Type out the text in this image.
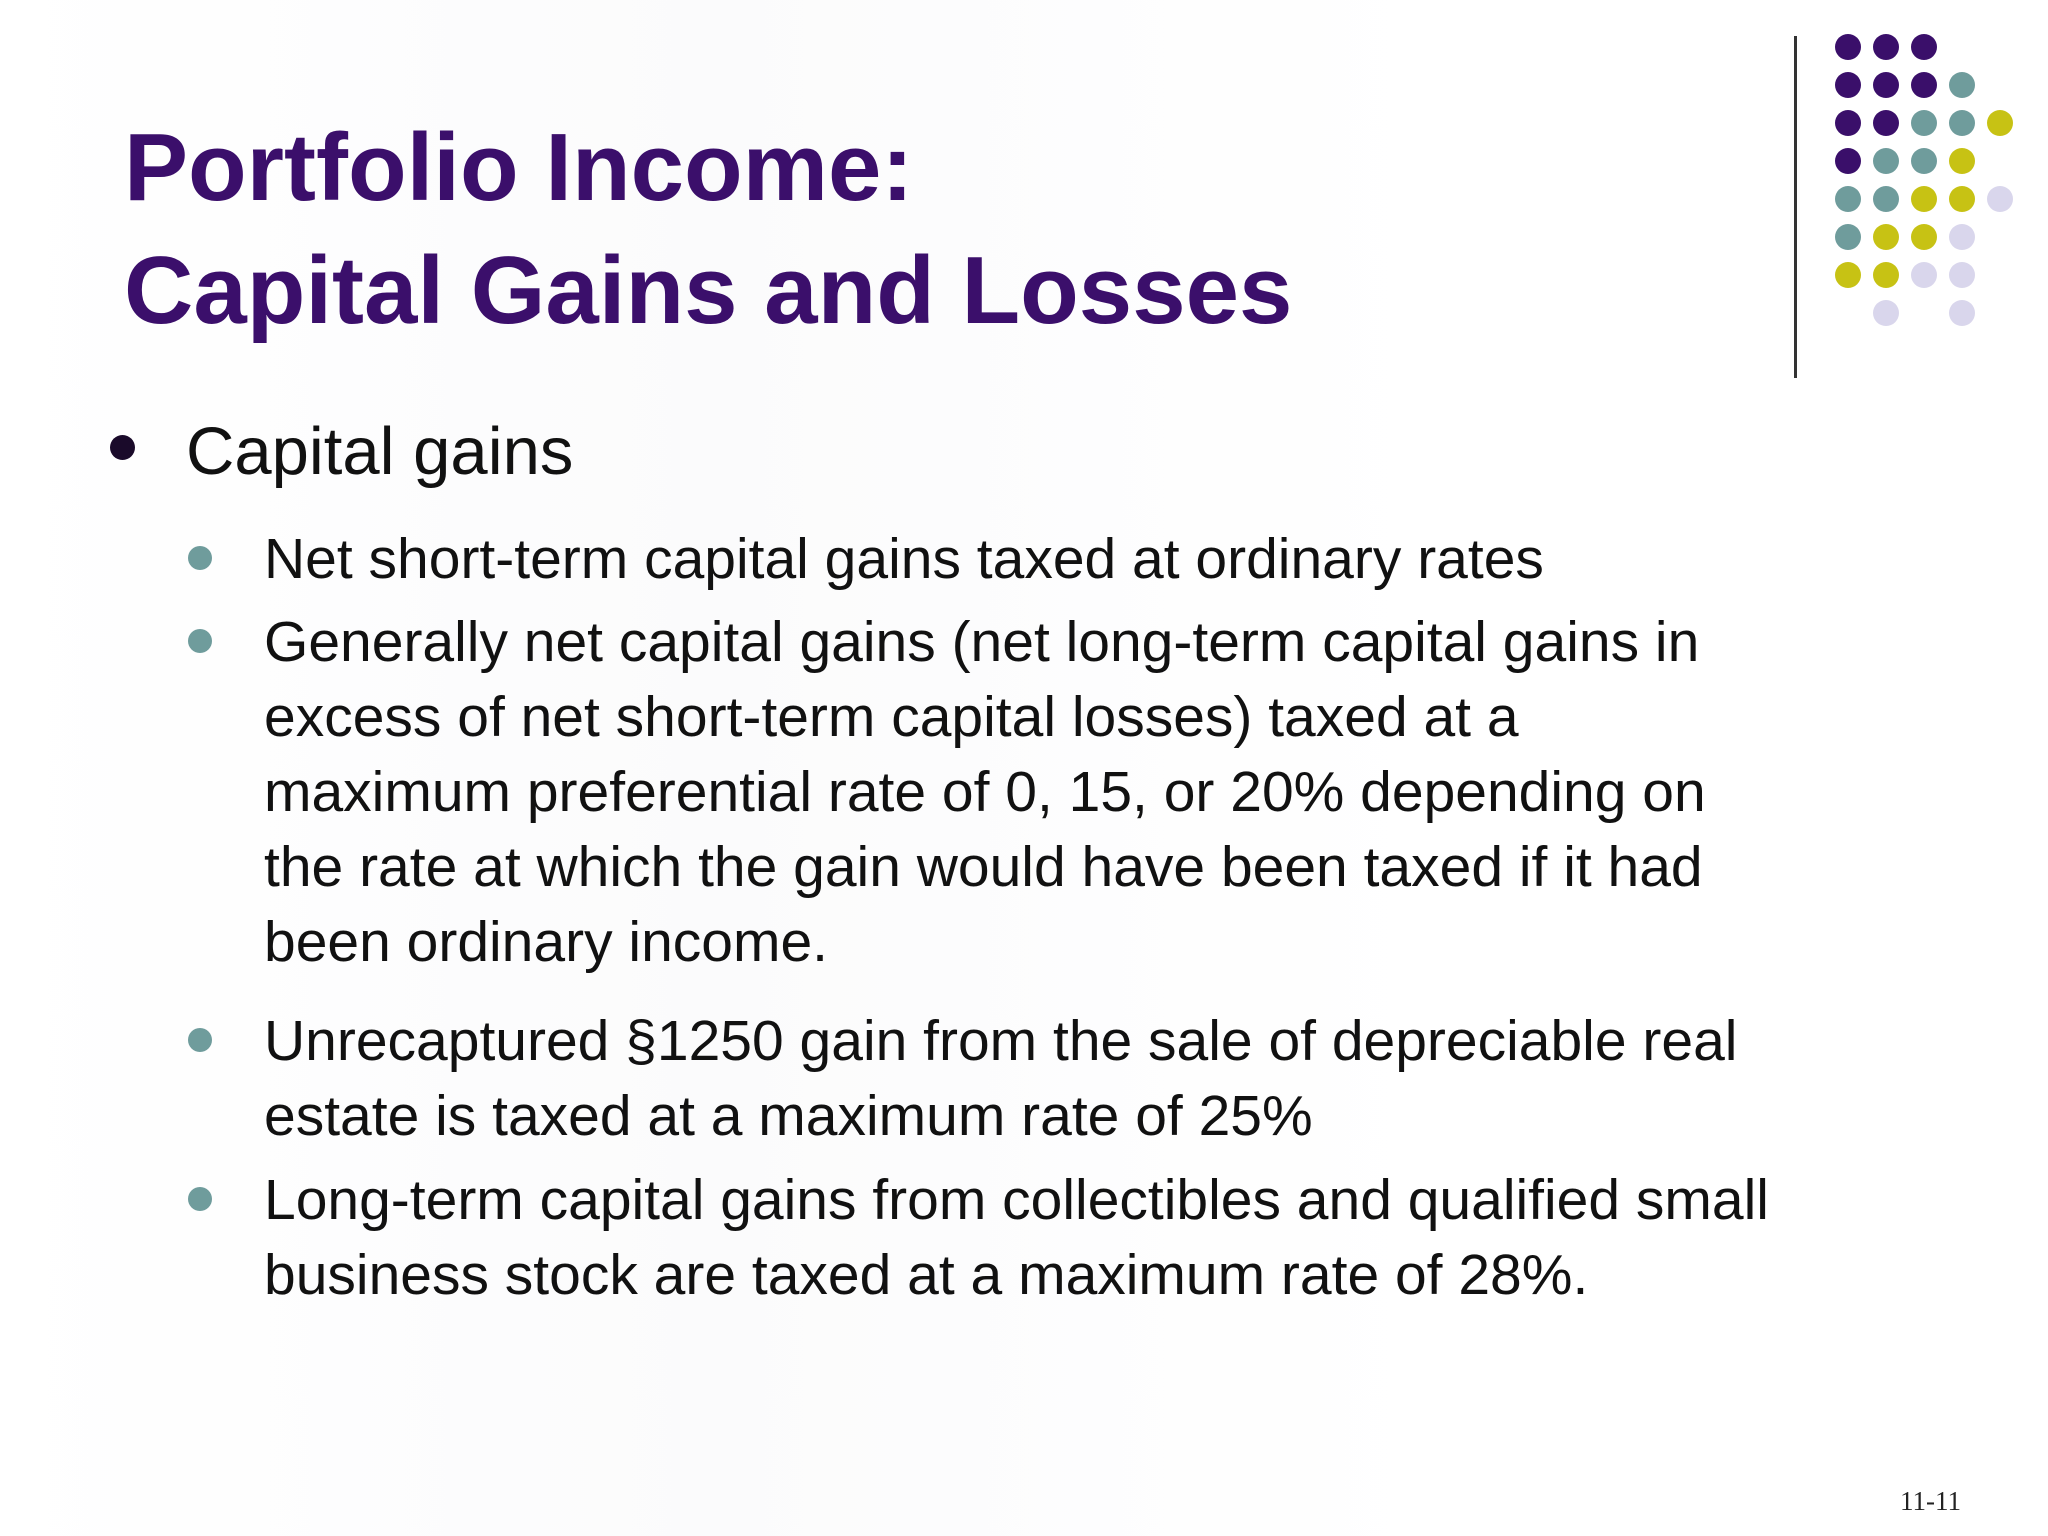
Portfolio Income:
Capital Gains and Losses
Capital gains
Net short-term capital gains taxed at ordinary rates
Generally net capital gains (net long-term capital gains in
excess of net short-term capital losses) taxed at a
maximum preferential rate of 0, 15, or 20% depending on
the rate at which the gain would have been taxed if it had
been ordinary income.
Unrecaptured §1250 gain from the sale of depreciable real
estate is taxed at a maximum rate of 25%
Long-term capital gains from collectibles and qualified small
business stock are taxed at a maximum rate of 28%.
11-11
